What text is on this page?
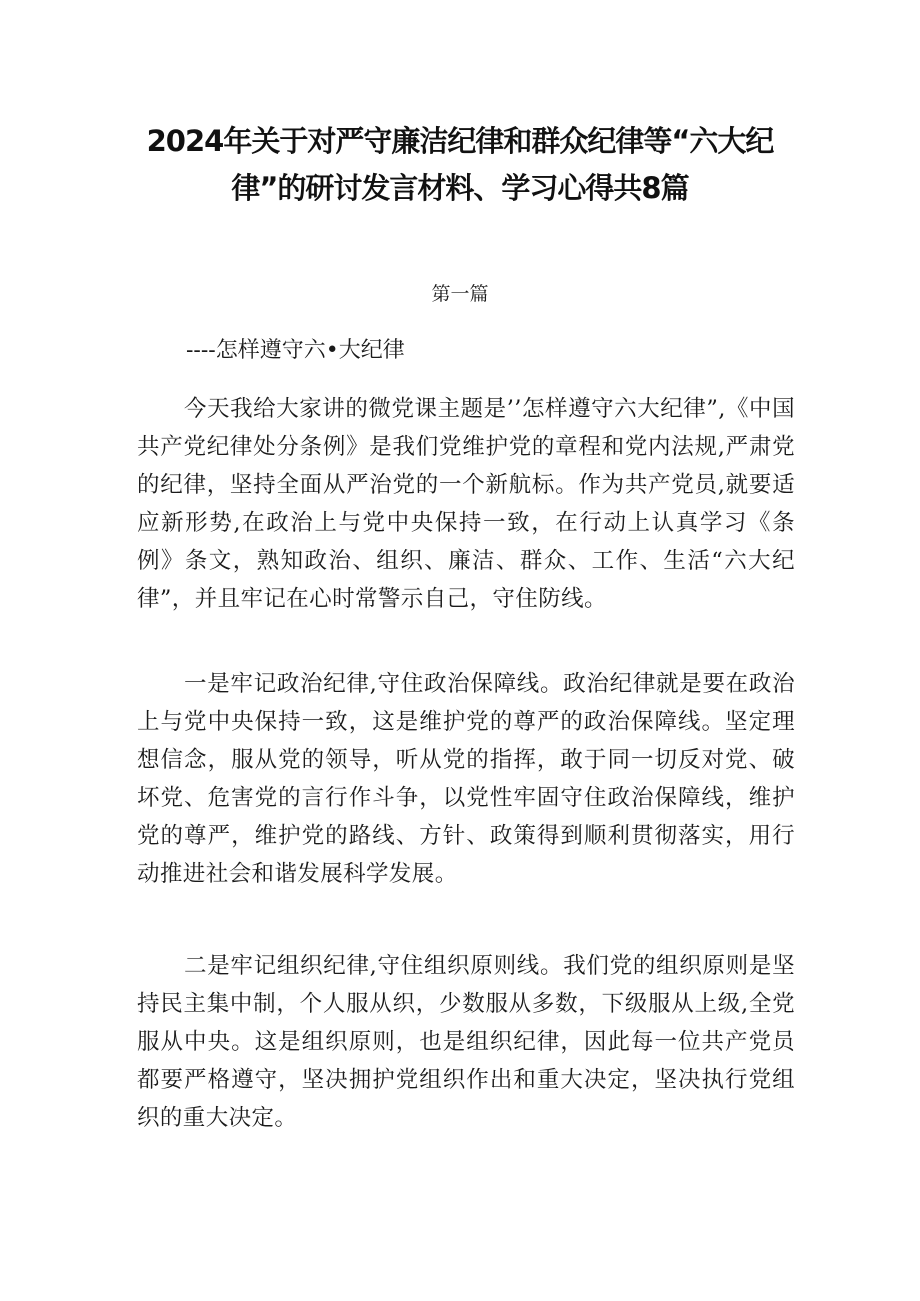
2024年关于对严守廉洁纪律和群众纪律等“六大纪律”的研讨发言材料、学习心得共8篇
第一篇
----怎样遵守六•大纪律

今天我给大家讲的微党课主题是’’怎样遵守六大纪律”,《中国共产党纪律处分条例》是我们党维护党的章程和党内法规,严肃党的纪律，坚持全面从严治党的一个新航标。作为共产党员,就要适应新形势,在政治上与党中央保持一致，在行动上认真学习《条例》条文，熟知政治、组织、廉洁、群众、工作、生活“六大纪律”，并且牢记在心时常警示自己，守住防线。

一是牢记政治纪律,守住政治保障线。政治纪律就是要在政治上与党中央保持一致，这是维护党的尊严的政治保障线。坚定理想信念，服从党的领导，听从党的指挥，敢于同一切反对党、破坏党、危害党的言行作斗争，以党性牢固守住政治保障线，维护党的尊严，维护党的路线、方针、政策得到顺利贯彻落实，用行动推进社会和谐发展科学发展。

二是牢记组织纪律,守住组织原则线。我们党的组织原则是坚持民主集中制，个人服从织，少数服从多数，下级服从上级,全党服从中央。这是组织原则，也是组织纪律，因此每一位共产党员都要严格遵守，坚决拥护党组织作出和重大决定，坚决执行党组织的重大决定。
